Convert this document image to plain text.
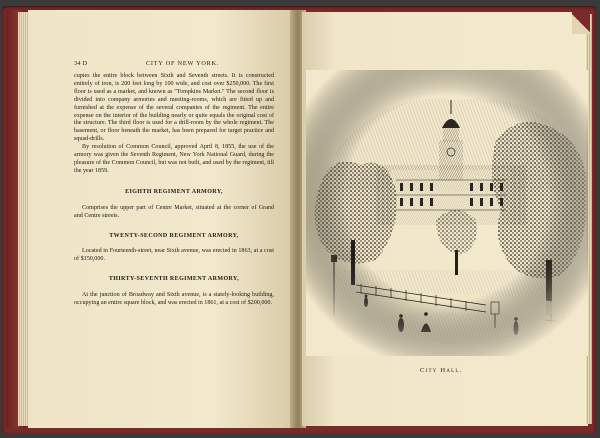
34 D	CITY OF NEW YORK.

cupies the entire block between Sixth and Seventh streets. It is constructed entirely of iron, is 200 feet long by 100 wide, and cost over $250,000. The first floor is used as a market, and known as "Tompkins Market." The second floor is divided into company armories and meeting-rooms, which are fitted up and furnished at the expense of the several companies of the regiment. The entire expense on the interior of the building nearly or quite equals the original cost of the structure. The third floor is used for a drill-room by the whole regiment. The basement, or floor beneath the market, has been prepared for target practice and squad-drills.

By resolution of Common Council, approved April 8, 1855, the use of the armory was given the Seventh Regiment, New York National Guard, during the pleasure of the Common Council, but was not built, and used by the regiment, till the year 1859.

EIGHTH REGIMENT ARMORY,

Comprises the upper part of Centre Market, situated at the corner of Grand and Centre streets.

TWENTY-SECOND REGIMENT ARMORY,

Located in Fourteenth-street, near Sixth avenue, was erected in 1863, at a cost of $150,000.

THIRTY-SEVENTH REGIMENT ARMORY,

At the junction of Broadway and Sixth avenue, is a stately-looking building, occupying an entire square block, and was erected in 1861, at a cost of $200,000.

City Hall.
